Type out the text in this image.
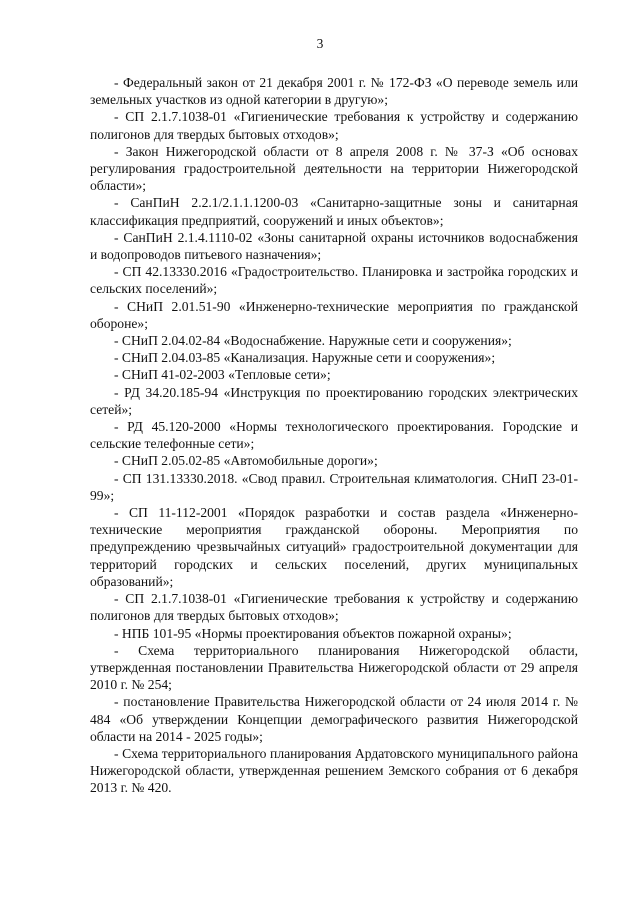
3

- Федеральный закон от 21 декабря 2001 г. № 172-ФЗ «О переводе земель или земельных участков из одной категории в другую»;

- СП 2.1.7.1038-01 «Гигиенические требования к устройству и содержанию полигонов для твердых бытовых отходов»;

- Закон Нижегородской области от 8 апреля 2008 г. № 37-З «Об основах регулирования градостроительной деятельности на территории Нижегородской области»;

- СанПиН 2.2.1/2.1.1.1200-03 «Санитарно-защитные зоны и санитарная классификация предприятий, сооружений и иных объектов»;

- СанПиН 2.1.4.1110-02 «Зоны санитарной охраны источников водоснабжения и водопроводов питьевого назначения»;

- СП 42.13330.2016 «Градостроительство. Планировка и застройка городских и сельских поселений»;

- СНиП 2.01.51-90 «Инженерно-технические мероприятия по гражданской обороне»;

- СНиП 2.04.02-84 «Водоснабжение. Наружные сети и сооружения»;

- СНиП 2.04.03-85 «Канализация. Наружные сети и сооружения»;

- СНиП 41-02-2003 «Тепловые сети»;

- РД 34.20.185-94 «Инструкция по проектированию городских электрических сетей»;

- РД 45.120-2000 «Нормы технологического проектирования. Городские и сельские телефонные сети»;

- СНиП 2.05.02-85 «Автомобильные дороги»;

- СП 131.13330.2018. «Свод правил. Строительная климатология. СНиП 23-01-99»;

- СП 11-112-2001 «Порядок разработки и состав раздела «Инженерно-технические мероприятия гражданской обороны. Мероприятия по предупреждению чрезвычайных ситуаций» градостроительной документации для территорий городских и сельских поселений, других муниципальных образований»;

- СП 2.1.7.1038-01 «Гигиенические требования к устройству и содержанию полигонов для твердых бытовых отходов»;

- НПБ 101-95 «Нормы проектирования объектов пожарной охраны»;

- Схема территориального планирования Нижегородской области, утвержденная постановлении Правительства Нижегородской области от 29 апреля 2010 г. № 254;

- постановление Правительства Нижегородской области от 24 июля 2014 г. № 484 «Об утверждении Концепции демографического развития Нижегородской области на 2014 - 2025 годы»;

- Схема территориального планирования Ардатовского муниципального района Нижегородской области, утвержденная решением Земского собрания от 6 декабря 2013 г. № 420.
